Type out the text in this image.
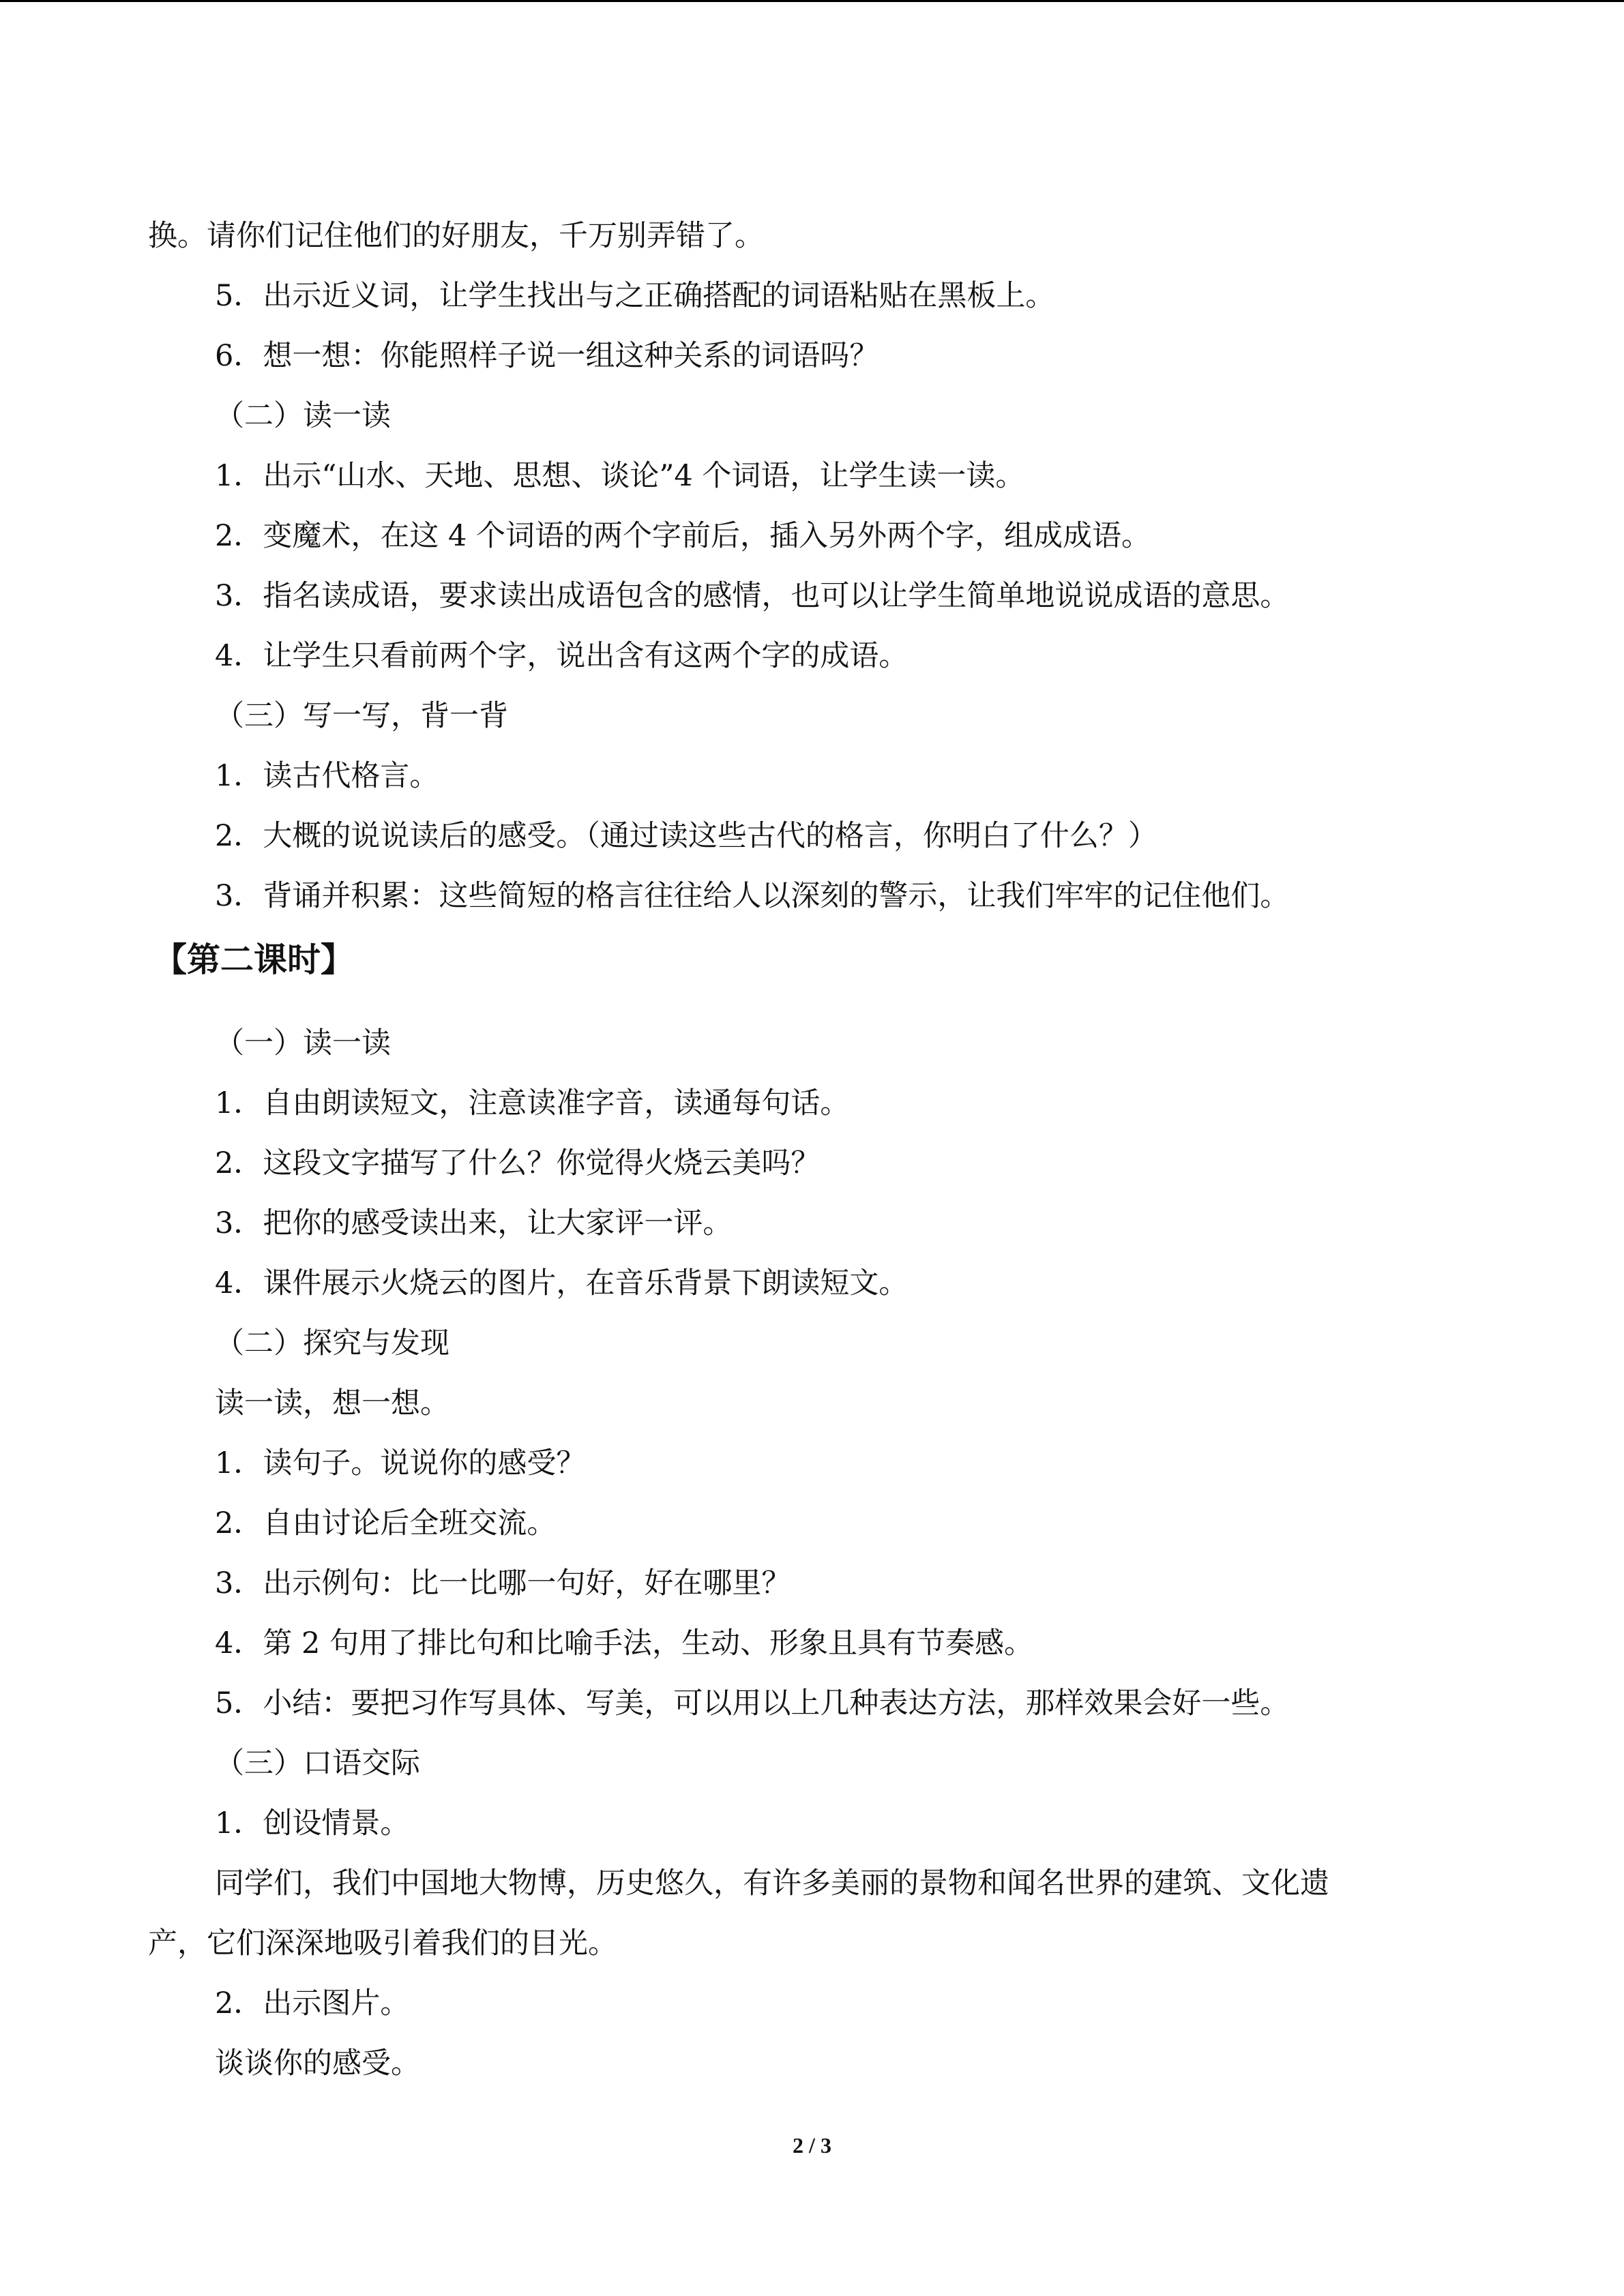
换。请你们记住他们的好朋友，千万别弄错了。
5．出示近义词，让学生找出与之正确搭配的词语粘贴在黑板上。
6．想一想：你能照样子说一组这种关系的词语吗？
（二）读一读
1．出示“山水、天地、思想、谈论”4 个词语，让学生读一读。
2．变魔术，在这 4 个词语的两个字前后，插入另外两个字，组成成语。
3．指名读成语，要求读出成语包含的感情，也可以让学生简单地说说成语的意思。
4．让学生只看前两个字，说出含有这两个字的成语。
（三）写一写，背一背
1．读古代格言。
2．大概的说说读后的感受。（通过读这些古代的格言，你明白了什么？）
3．背诵并积累：这些简短的格言往往给人以深刻的警示，让我们牢牢的记住他们。
【第二课时】
（一）读一读
1．自由朗读短文，注意读准字音，读通每句话。
2．这段文字描写了什么？你觉得火烧云美吗？
3．把你的感受读出来，让大家评一评。
4．课件展示火烧云的图片，在音乐背景下朗读短文。
（二）探究与发现
读一读，想一想。
1．读句子。说说你的感受？
2．自由讨论后全班交流。
3．出示例句：比一比哪一句好，好在哪里？
4．第 2 句用了排比句和比喻手法，生动、形象且具有节奏感。
5．小结：要把习作写具体、写美，可以用以上几种表达方法，那样效果会好一些。
（三）口语交际
1．创设情景。
同学们，我们中国地大物博，历史悠久，有许多美丽的景物和闻名世界的建筑、文化遗
产，它们深深地吸引着我们的目光。
2．出示图片。
谈谈你的感受。
2 / 3
